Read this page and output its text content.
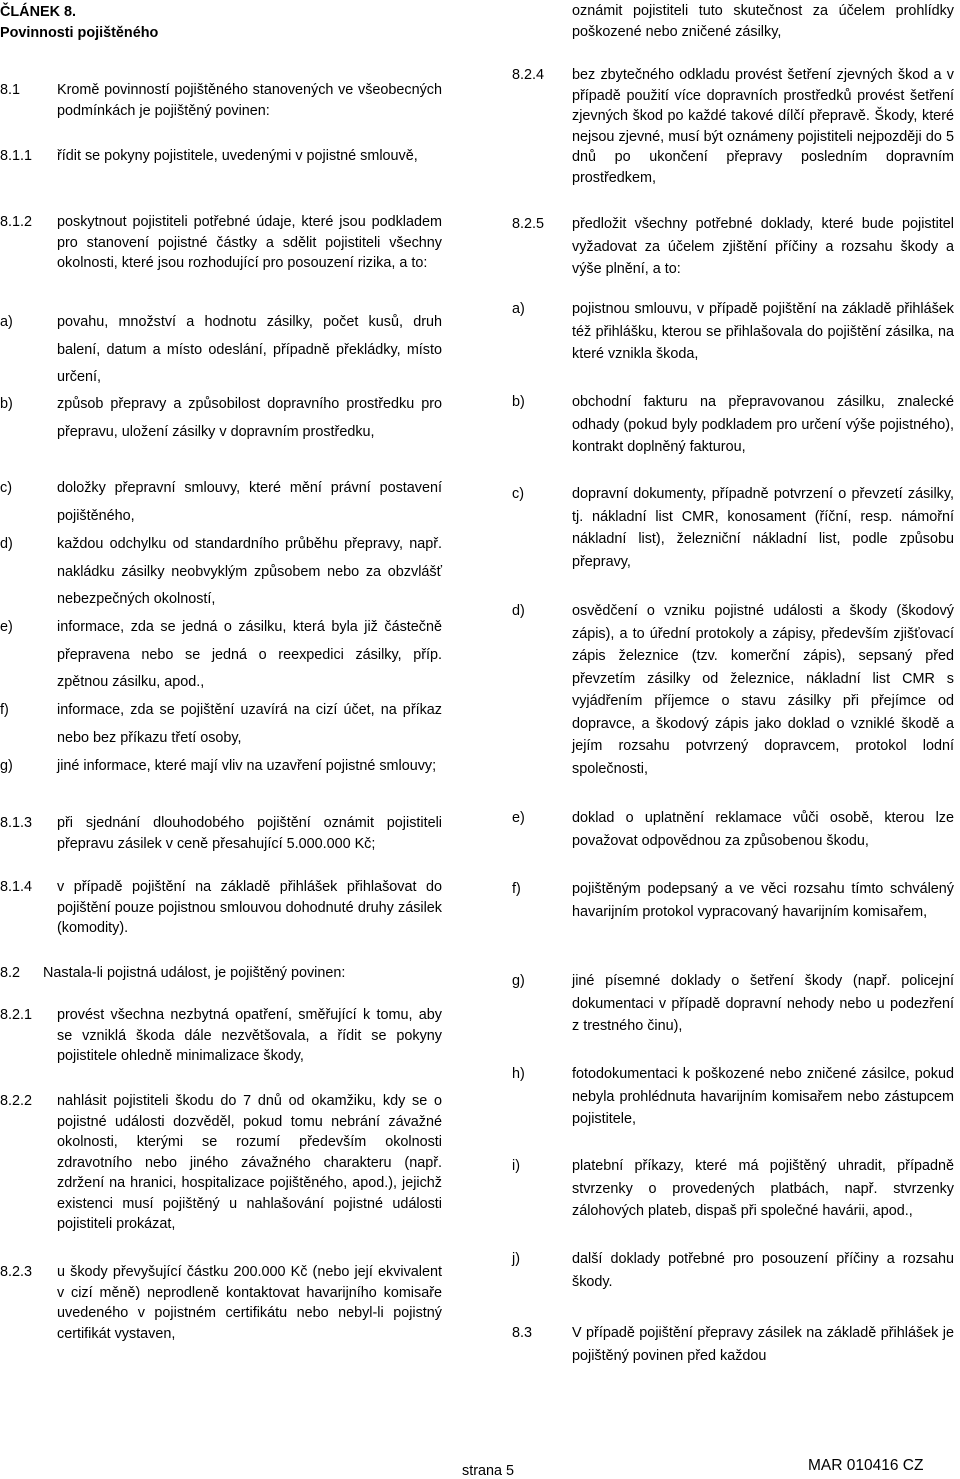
ČLÁNEK 8.
Povinnosti pojištěného
8.1	Kromě povinností pojištěného stanovených ve všeobecných podmínkách je pojištěný povinen:
8.1.1 řídit se pokyny pojistitele, uvedenými v pojistné smlouvě,
8.1.2 poskytnout pojistiteli potřebné údaje, které jsou podkladem pro stanovení pojistné částky a sdělit pojistiteli všechny okolnosti, které jsou rozhodující pro posouzení rizika, a to:
a)	povahu, množství a hodnotu zásilky, počet kusů, druh balení, datum a místo odeslání, případně překládky, místo určení,
b)	způsob přepravy a způsobilost dopravního prostředku pro přepravu, uložení zásilky v dopravním prostředku,
c)	doložky přepravní smlouvy, které mění právní postavení pojištěného,
d)	každou odchylku od standardního průběhu přepravy, např. nakládku zásilky neobvyklým způsobem nebo za obzvlášť nebezpečných okolností,
e)	informace, zda se jedná o zásilku, která byla již částečně přepravena nebo se jedná o reexpedici zásilky, příp. zpětnou zásilku, apod.,
f)	informace, zda se pojištění uzavírá na cizí účet, na příkaz nebo bez příkazu třetí osoby,
g)	jiné informace, které mají vliv na uzavření pojistné smlouvy;
8.1.3 při sjednání dlouhodobého pojištění oznámit pojistiteli přepravu zásilek v ceně přesahující 5.000.000 Kč;
8.1.4 v případě pojištění na základě přihlášek přihlašovat do pojištění pouze pojistnou smlouvou dohodnuté druhy zásilek (komodity).
8.2 Nastala-li pojistná událost, je pojištěný povinen:
8.2.1 provést všechna nezbytná opatření, směřující k tomu, aby se vzniklá škoda dále nezvětšovala, a řídit se pokyny pojistitele ohledně minimalizace škody,
8.2.2 nahlásit pojistiteli škodu do 7 dnů od okamžiku, kdy se o pojistné události dozvěděl, pokud tomu nebrání závažné okolnosti, kterými se rozumí především okolnosti zdravotního nebo jiného závažného charakteru (např. zdržení na hranici, hospitalizace pojištěného, apod.), jejichž existenci musí pojištěný u nahlašování pojistné události pojistiteli prokázat,
8.2.3 u škody převyšující částku 200.000 Kč (nebo její ekvivalent v cizí měně) neprodleně kontaktovat havarijního komisaře uvedeného v pojistném certifikátu nebo nebyl-li pojistný certifikát vystaven,
oznámit pojistiteli tuto skutečnost za účelem prohlídky poškozené nebo zničené zásilky,
8.2.4 bez zbytečného odkladu provést šetření zjevných škod a v případě použití více dopravních prostředků provést šetření zjevných škod po každé takové dílčí přepravě. Škody, které nejsou zjevné, musí být oznámeny pojistiteli nejpozději do 5 dnů po ukončení přepravy posledním dopravním prostředkem,
8.2.5 předložit všechny potřebné doklady, které bude pojistitel vyžadovat za účelem zjištění příčiny a rozsahu škody a výše plnění, a to:
a)	pojistnou smlouvu, v případě pojištění na základě přihlášek též přihlášku, kterou se přihlašovala do pojištění zásilka, na které vznikla škoda,
b)	obchodní fakturu na přepravovanou zásilku, znalecké odhady (pokud byly podkladem pro určení výše pojistného), kontrakt doplněný fakturou,
c)	dopravní dokumenty, případně potvrzení o převzetí zásilky, tj. nákladní list CMR, konosament (říční, resp. námořní nákladní list), železniční nákladní list, podle způsobu přepravy,
d)	osvědčení o vzniku pojistné události a škody (škodový zápis), a to úřední protokoly a zápisy, především zjišťovací zápis železnice (tzv. komerční zápis), sepsaný před převzetím zásilky od železnice, nákladní list CMR s vyjádřením příjemce o stavu zásilky při přejímce od dopravce, a škodový zápis jako doklad o vzniklé škodě a jejím rozsahu potvrzený dopravcem, protokol lodní společnosti,
e)	doklad o uplatnění reklamace vůči osobě, kterou lze považovat odpovědnou za způsobenou škodu,
f)	pojištěným podepsaný a ve věci rozsahu tímto schválený havarijním protokol vypracovaný havarijním komisařem,
g)	jiné písemné doklady o šetření škody (např. policejní dokumentaci v případě dopravní nehody nebo u podezření z trestného činu),
h)	fotodokumentaci k poškozené nebo zničené zásilce, pokud nebyla prohlédnuta havarijním komisařem nebo zástupcem pojistitele,
i)	platební příkazy, které má pojištěný uhradit, případně stvrzenky o provedených platbách, např. stvrzenky zálohových plateb, dispaš při společné havárii, apod.,
j)	další doklady potřebné pro posouzení příčiny a rozsahu škody.
8.3	V případě pojištění přepravy zásilek na základě přihlášek je pojištěný povinen před každou
strana 5	MAR 010416 CZ
